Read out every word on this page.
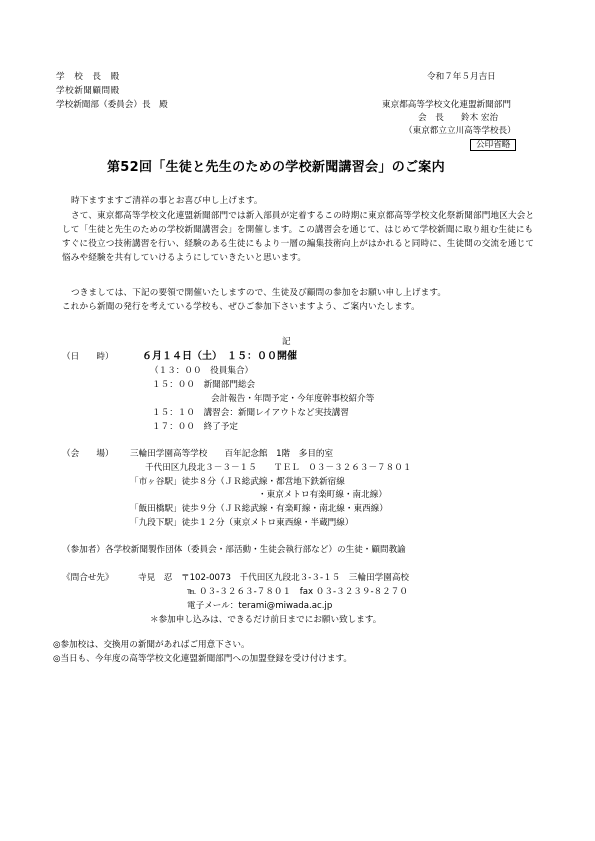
学　校　長　殿
学校新聞顧問殿
学校新聞部（委員会）長　殿
令和７年５月吉日
東京都高等学校文化連盟新聞部門
会　長　　鈴木 宏治
（東京都立立川高等学校長）
公印省略
第52回「生徒と先生のための学校新聞講習会」のご案内
時下ますますご清祥の事とお喜び申し上げます。
さて、東京都高等学校文化連盟新聞部門では新入部員が定着するこの時期に東京都高等学校文化祭新聞部門地区大会として「生徒と先生のための学校新聞講習会」を開催します。この講習会を通じて、はじめて学校新聞に取り組む生徒にもすぐに役立つ技術講習を行い、経験のある生徒にもより一層の編集技術向上がはかれると同時に、生徒間の交流を通じて悩みや経験を共有していけるようにしていきたいと思います。
つきましては、下記の要領で開催いたしますので、生徒及び顧問の参加をお願い申し上げます。
これから新聞の発行を考えている学校も、ぜひご参加下さいますよう、ご案内いたします。
記
（日　　時）	６月１４日（土）　１５：００開催
（１３：００　役員集合）
１５：００　新聞部門総会
会計報告・年間予定・今年度幹事校紹介等
１５：１０　講習会：新聞レイアウトなど実技講習
１７：００　終了予定
（会　　場） 三輪田学園高等学校　　百年記念館　1階　多目的室
千代田区九段北３－３－１５　　ＴＥＬ　０３－３２６３－７８０１
「市ヶ谷駅」徒歩８分（ＪＲ総武線・都営地下鉄新宿線
・東京メトロ有楽町線・南北線）
「飯田橋駅」徒歩９分（ＪＲ総武線・有楽町線・南北線・東西線）
「九段下駅」徒歩１２分（東京メトロ東西線・半蔵門線）
（参加者）各学校新聞製作団体（委員会・部活動・生徒会執行部など）の生徒・顧問教諭
《問合せ先》	寺見　忍　〒102-0073　千代田区九段北３-３-１５　三輪田学園高校
℡ ０３-３２６３-７８０１　fax ０３-３２３９-８２７０
電子メール：terami@miwada.ac.jp
＊参加申し込みは、できるだけ前日までにお願い致します。
◎参加校は、交換用の新聞があればご用意下さい。
◎当日も、今年度の高等学校文化連盟新聞部門への加盟登録を受け付けます。
